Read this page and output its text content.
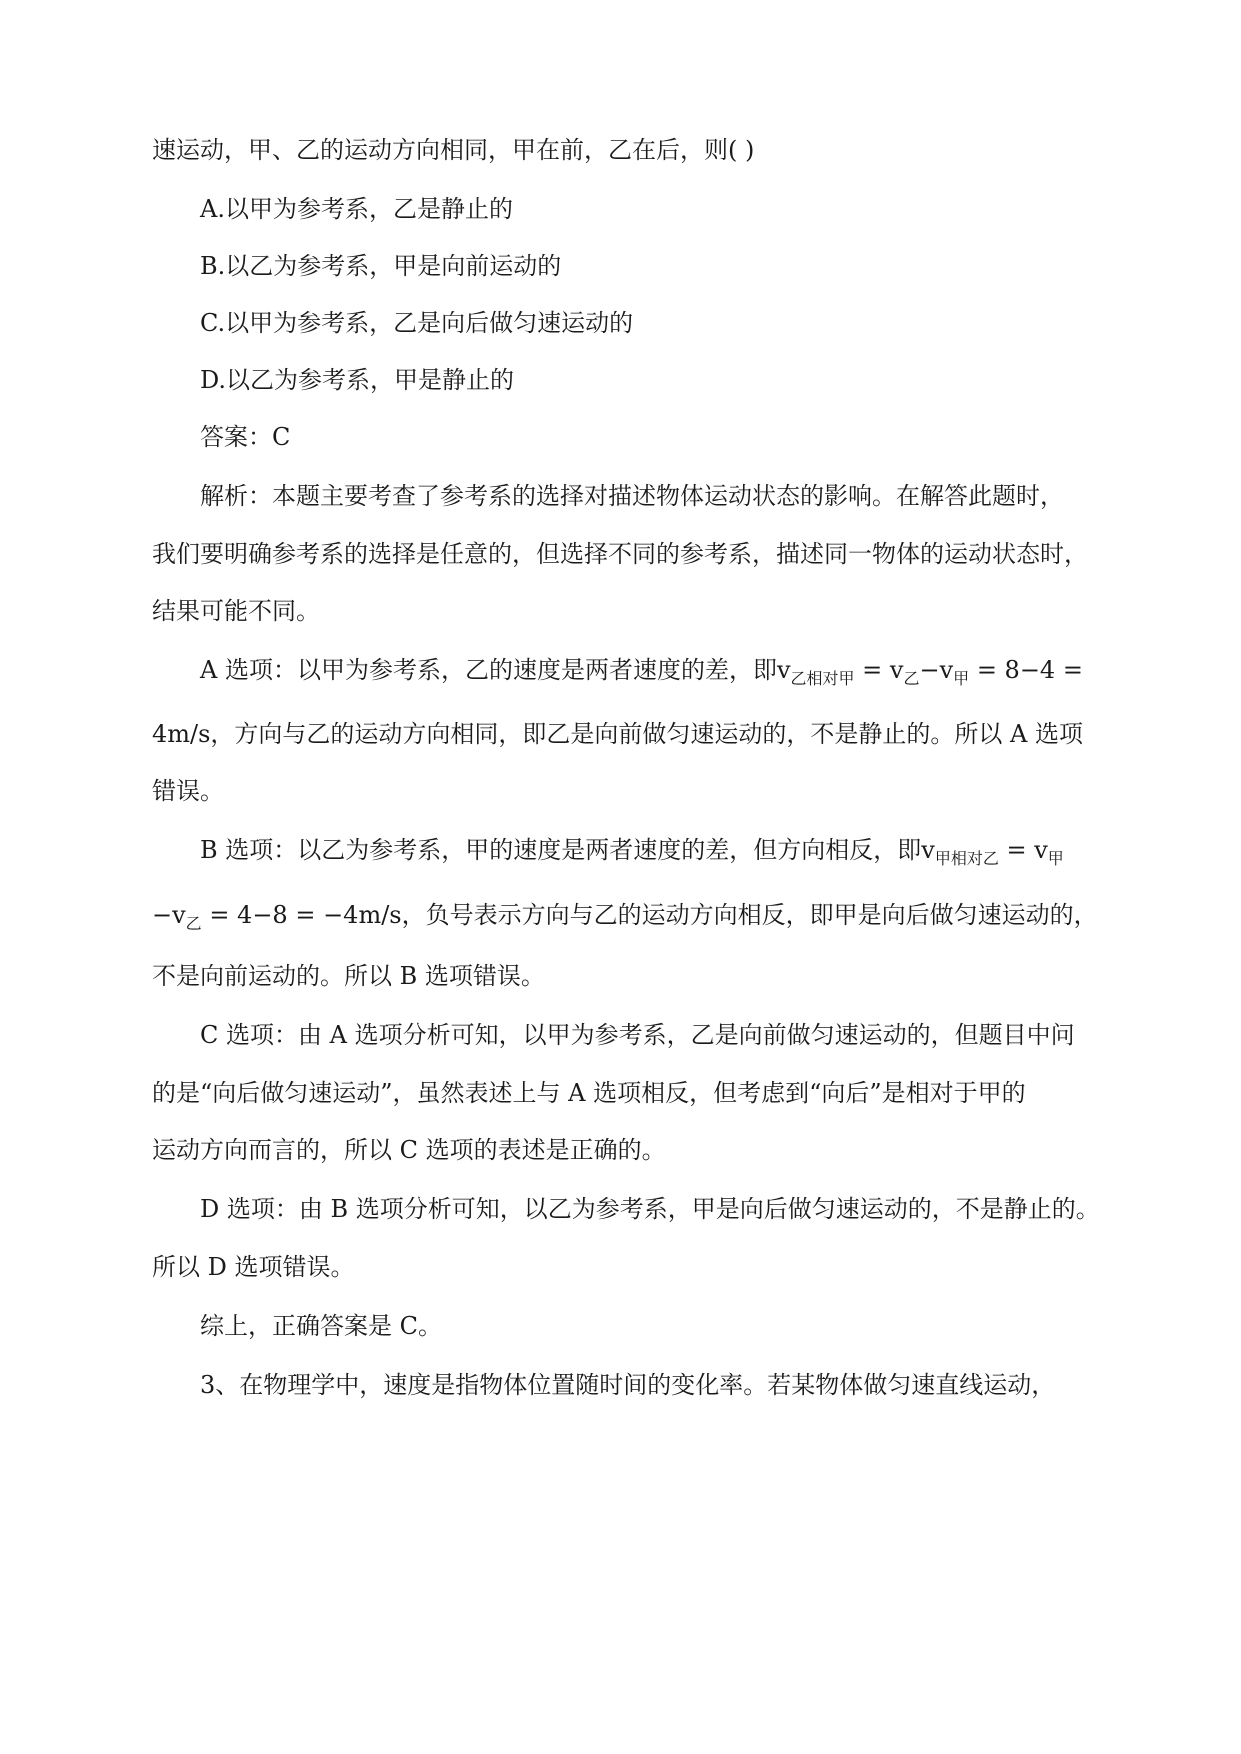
速运动，甲、乙的运动方向相同，甲在前，乙在后，则( )
A.以甲为参考系，乙是静止的
B.以乙为参考系，甲是向前运动的
C.以甲为参考系，乙是向后做匀速运动的
D.以乙为参考系，甲是静止的
答案：C
解析：本题主要考查了参考系的选择对描述物体运动状态的影响。在解答此题时，
我们要明确参考系的选择是任意的，但选择不同的参考系，描述同一物体的运动状态时，
结果可能不同。
A 选项：以甲为参考系，乙的速度是两者速度的差，即$v_{乙相对甲} = v_乙-v_甲 = 8-4$ =
4m/s，方向与乙的运动方向相同，即乙是向前做匀速运动的，不是静止的。所以 A 选项
错误。
B 选项：以乙为参考系，甲的速度是两者速度的差，但方向相反，即$v_{甲相对乙} = v_甲$
$-v_乙 = 4-8 = -4m/s$，负号表示方向与乙的运动方向相反，即甲是向后做匀速运动的，
不是向前运动的。所以 B 选项错误。
C 选项：由 A 选项分析可知，以甲为参考系，乙是向前做匀速运动的，但题目中问
的是“向后做匀速运动”，虽然表述上与 A 选项相反，但考虑到“向后”是相对于甲的
运动方向而言的，所以 C 选项的表述是正确的。
D 选项：由 B 选项分析可知，以乙为参考系，甲是向后做匀速运动的，不是静止的。
所以 D 选项错误。
综上，正确答案是 C。
3、在物理学中，速度是指物体位置随时间的变化率。若某物体做匀速直线运动，
